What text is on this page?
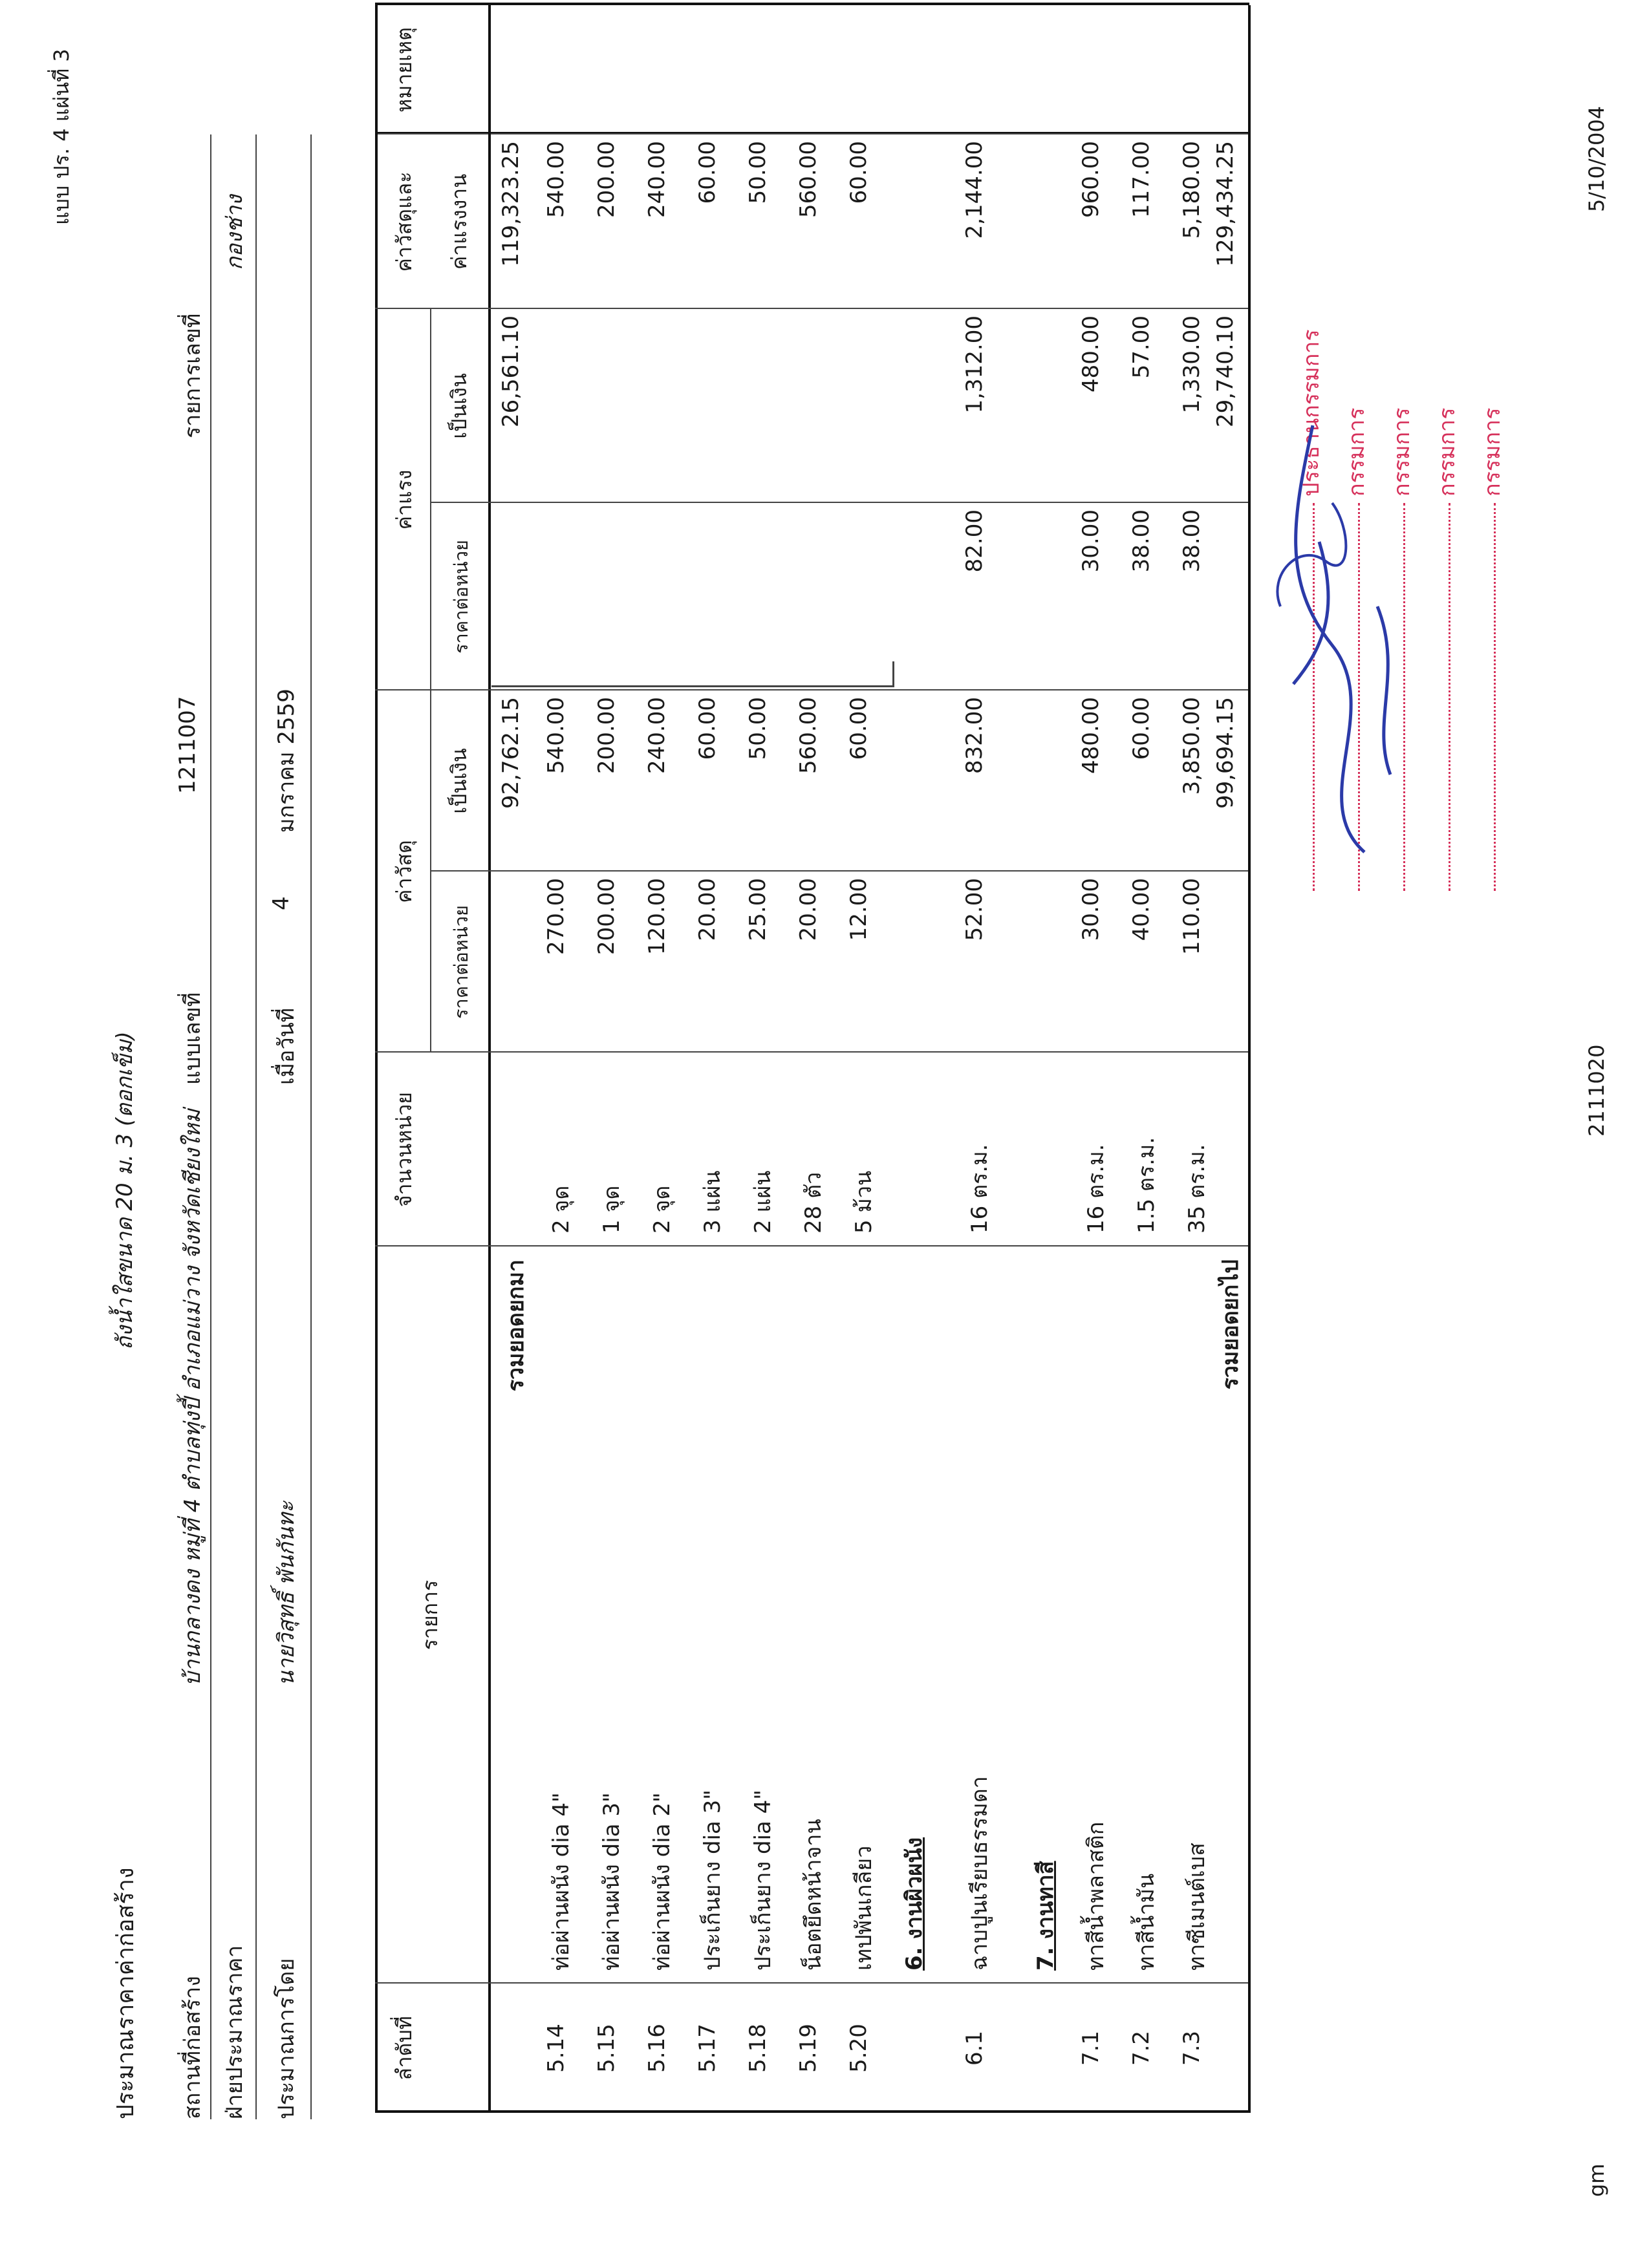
แบบ ปร. 4 แผ่นที่ 3
ประมาณราคาค่าก่อสร้าง
ถังน้ำใสขนาด 20 ม. 3 (ตอกเข็ม)
สถานที่ก่อสร้าง
บ้านกลางดง หมู่ที่ 4 ตำบลทุ่งปี้ อำเภอแม่วาง จังหวัดเชียงใหม่
แบบเลขที่
1211007
รายการเลขที่
ฝ่ายประมาณราคา
กองช่าง
ประมาณการโดย
นายวิสุทธิ์ พันกันทะ
เมื่อวันที่
4
มกราคม 2559
ลำดับที่
รายการ
จำนวนหน่วย
ค่าวัสดุ
ราคาต่อหน่วย
เป็นเงิน
ค่าแรง
ราคาต่อหน่วย
เป็นเงิน
ค่าวัสดุและ ค่าแรงงาน
รวมยอดยกมา
92,762.15
26,561.10
119,323.25
5.14
ท่อผ่านผนัง dia 4"
2 จุด
270.00
540.00
540.00
5.15
ท่อผ่านผนัง dia 3"
1 จุด
200.00
200.00
200.00
5.16
ท่อผ่านผนัง dia 2"
2 จุด
120.00
240.00
240.00
5.17
ประเก็นยาง dia 3"
3 แผ่น
20.00
60.00
60.00
5.18
ประเก็นยาง dia 4"
2 แผ่น
25.00
50.00
50.00
5.19
น็อตยึดหน้าจาน
28 ตัว
20.00
560.00
560.00
5.20
เทปพันเกลียว
5 ม้วน
12.00
60.00
60.00
6. งานผิวผนัง
6.1
ฉาบปูนเรียบธรรมดา
16 ตร.ม.
52.00
832.00
82.00
1,312.00
2,144.00
7. งานทาสี
7.1
ทาสีน้ำพลาสติก
16 ตร.ม.
30.00
480.00
30.00
480.00
960.00
7.2
ทาสีน้ำมัน
1.5 ตร.ม.
40.00
60.00
38.00
57.00
117.00
7.3
ทาซีเมนต์เบส
35 ตร.ม.
110.00
3,850.00
38.00
1,330.00
5,180.00
รวมยอดยกไป
99,694.15
29,740.10
129,434.25
หมายเหตุ
ประธานกรรมการ กรรมการ กรรมการ กรรมการ กรรมการ
gm
2111020
5/10/2004
